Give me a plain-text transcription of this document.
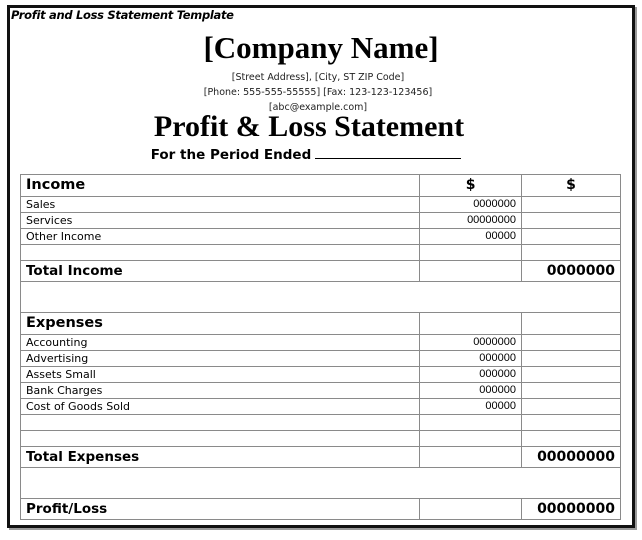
Profit and Loss Statement Template
[Company Name]
[Street Address], [City, ST ZIP Code]
[Phone: 555-555-55555] [Fax: 123-123-123456]
[abc@example.com]
Profit & Loss Statement
For the Period Ended
Income	$	$
Sales	0000000	
Services	00000000	
Other Income	00000	

Total Income		0000000

Expenses		
Accounting	0000000	
Advertising	000000	
Assets Small	000000	
Bank Charges	000000	
Cost of Goods Sold	00000	

Total Expenses		00000000

Profit/Loss		00000000
